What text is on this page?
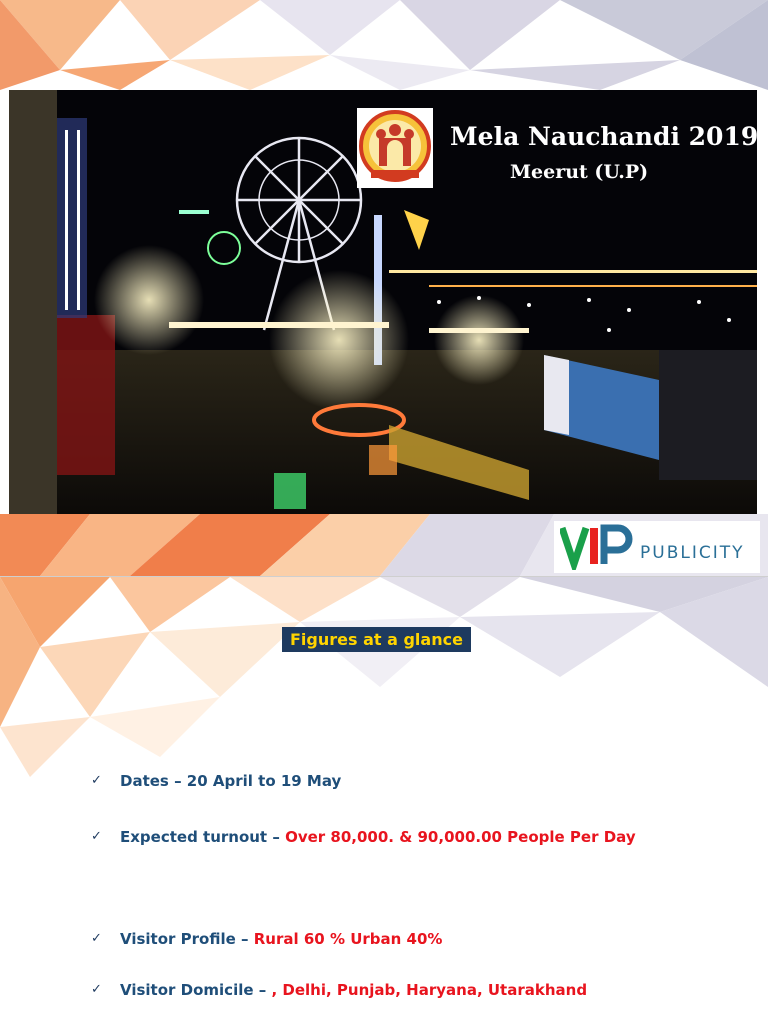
Mela Nauchandi 2019
Meerut (U.P)
PUBLICITY
Figures at a glance
✓ Dates – 20 April to 19 May
✓ Expected turnout – Over 80,000. & 90,000.00 People Per Day
✓ Visitor Profile – Rural 60 % Urban 40%
✓ Visitor Domicile – , Delhi, Punjab, Haryana, Utarakhand
